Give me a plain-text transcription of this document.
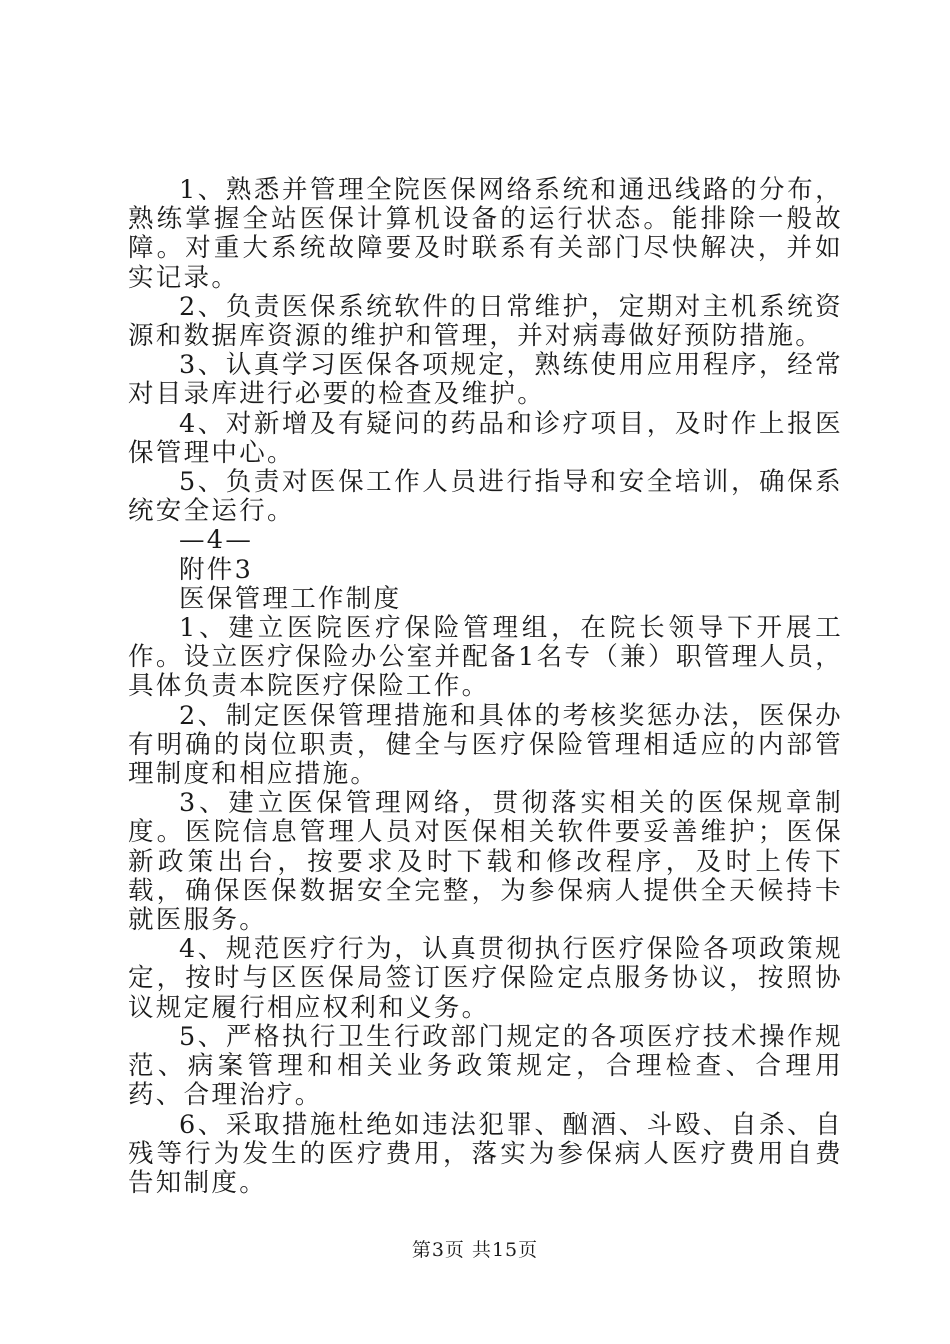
1、熟悉并管理全院医保网络系统和通迅线路的分布，熟练掌握全站医保计算机设备的运行状态。能排除一般故障。对重大系统故障要及时联系有关部门尽快解决，并如实记录。

2、负责医保系统软件的日常维护，定期对主机系统资源和数据库资源的维护和管理，并对病毒做好预防措施。

3、认真学习医保各项规定，熟练使用应用程序，经常对目录库进行必要的检查及维护。

4、对新增及有疑问的药品和诊疗项目，及时作上报医保管理中心。

5、负责对医保工作人员进行指导和安全培训，确保系统安全运行。

—4—

附件3

医保管理工作制度

1、建立医院医疗保险管理组，在院长领导下开展工作。设立医疗保险办公室并配备1名专（兼）职管理人员，具体负责本院医疗保险工作。

2、制定医保管理措施和具体的考核奖惩办法，医保办有明确的岗位职责，健全与医疗保险管理相适应的内部管理制度和相应措施。

3、建立医保管理网络，贯彻落实相关的医保规章制度。医院信息管理人员对医保相关软件要妥善维护；医保新政策出台，按要求及时下载和修改程序，及时上传下载，确保医保数据安全完整，为参保病人提供全天候持卡就医服务。

4、规范医疗行为，认真贯彻执行医疗保险各项政策规定，按时与区医保局签订医疗保险定点服务协议，按照协议规定履行相应权利和义务。

5、严格执行卫生行政部门规定的各项医疗技术操作规范、病案管理和相关业务政策规定，合理检查、合理用药、合理治疗。

6、采取措施杜绝如违法犯罪、酗酒、斗殴、自杀、自残等行为发生的医疗费用，落实为参保病人医疗费用自费告知制度。

第3页 共15页
